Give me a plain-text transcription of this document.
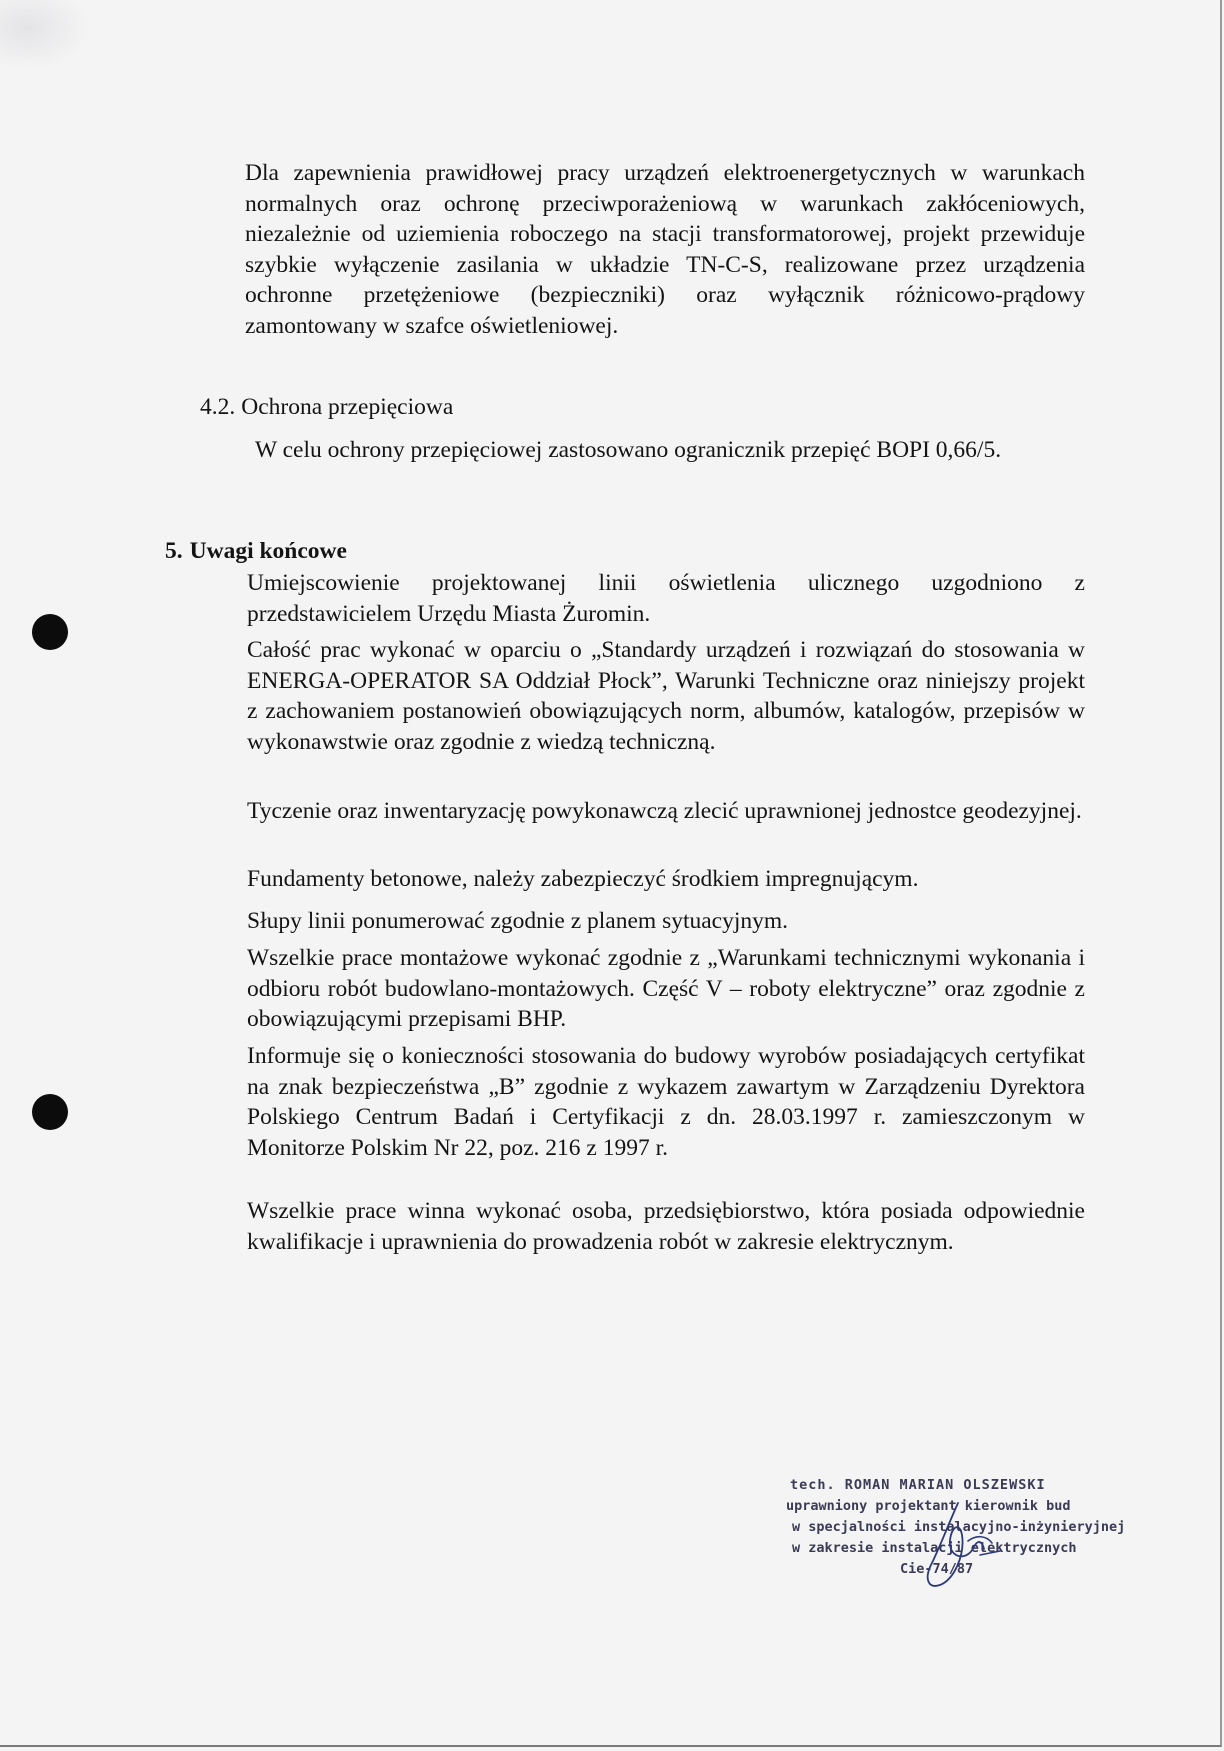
Dla zapewnienia prawidłowej pracy urządzeń elektroenergetycznych w warunkach normalnych oraz ochronę przeciwporażeniową w warunkach zakłóceniowych, niezależnie od uziemienia roboczego na stacji transformatorowej, projekt przewiduje szybkie wyłączenie zasilania w układzie TN-C-S, realizowane przez urządzenia ochronne przetężeniowe (bezpieczniki) oraz wyłącznik różnicowo-prądowy zamontowany w szafce oświetleniowej.

4.2. Ochrona przepięciowa

W celu ochrony przepięciowej zastosowano ogranicznik przepięć BOPI 0,66/5.

5. Uwagi końcowe

Umiejscowienie projektowanej linii oświetlenia ulicznego uzgodniono z przedstawicielem Urzędu Miasta Żuromin.

Całość prac wykonać w oparciu o „Standardy urządzeń i rozwiązań do stosowania w ENERGA-OPERATOR SA Oddział Płock”, Warunki Techniczne oraz niniejszy projekt z zachowaniem postanowień obowiązujących norm, albumów, katalogów, przepisów w wykonawstwie oraz zgodnie z wiedzą techniczną.

Tyczenie oraz inwentaryzację powykonawczą zlecić uprawnionej jednostce geodezyjnej.

Fundamenty betonowe, należy zabezpieczyć środkiem impregnującym.

Słupy linii ponumerować zgodnie z planem sytuacyjnym.

Wszelkie prace montażowe wykonać zgodnie z „Warunkami technicznymi wykonania i odbioru robót budowlano-montażowych. Część V – roboty elektryczne” oraz zgodnie z obowiązującymi przepisami BHP.

Informuje się o konieczności stosowania do budowy wyrobów posiadających certyfikat na znak bezpieczeństwa „B” zgodnie z wykazem zawartym w Zarządzeniu Dyrektora Polskiego Centrum Badań i Certyfikacji z dn. 28.03.1997 r. zamieszczonym w Monitorze Polskim Nr 22, poz. 216 z 1997 r.

Wszelkie prace winna wykonać osoba, przedsiębiorstwo, która posiada odpowiednie kwalifikacje i uprawnienia do prowadzenia robót w zakresie elektrycznym.

tech. ROMAN MARIAN OLSZEWSKI
uprawniony projektant kierownik bud
w specjalności instalacyjno-inżynieryjnej
w zakresie instalacji elektrycznych
Cie-74/87
